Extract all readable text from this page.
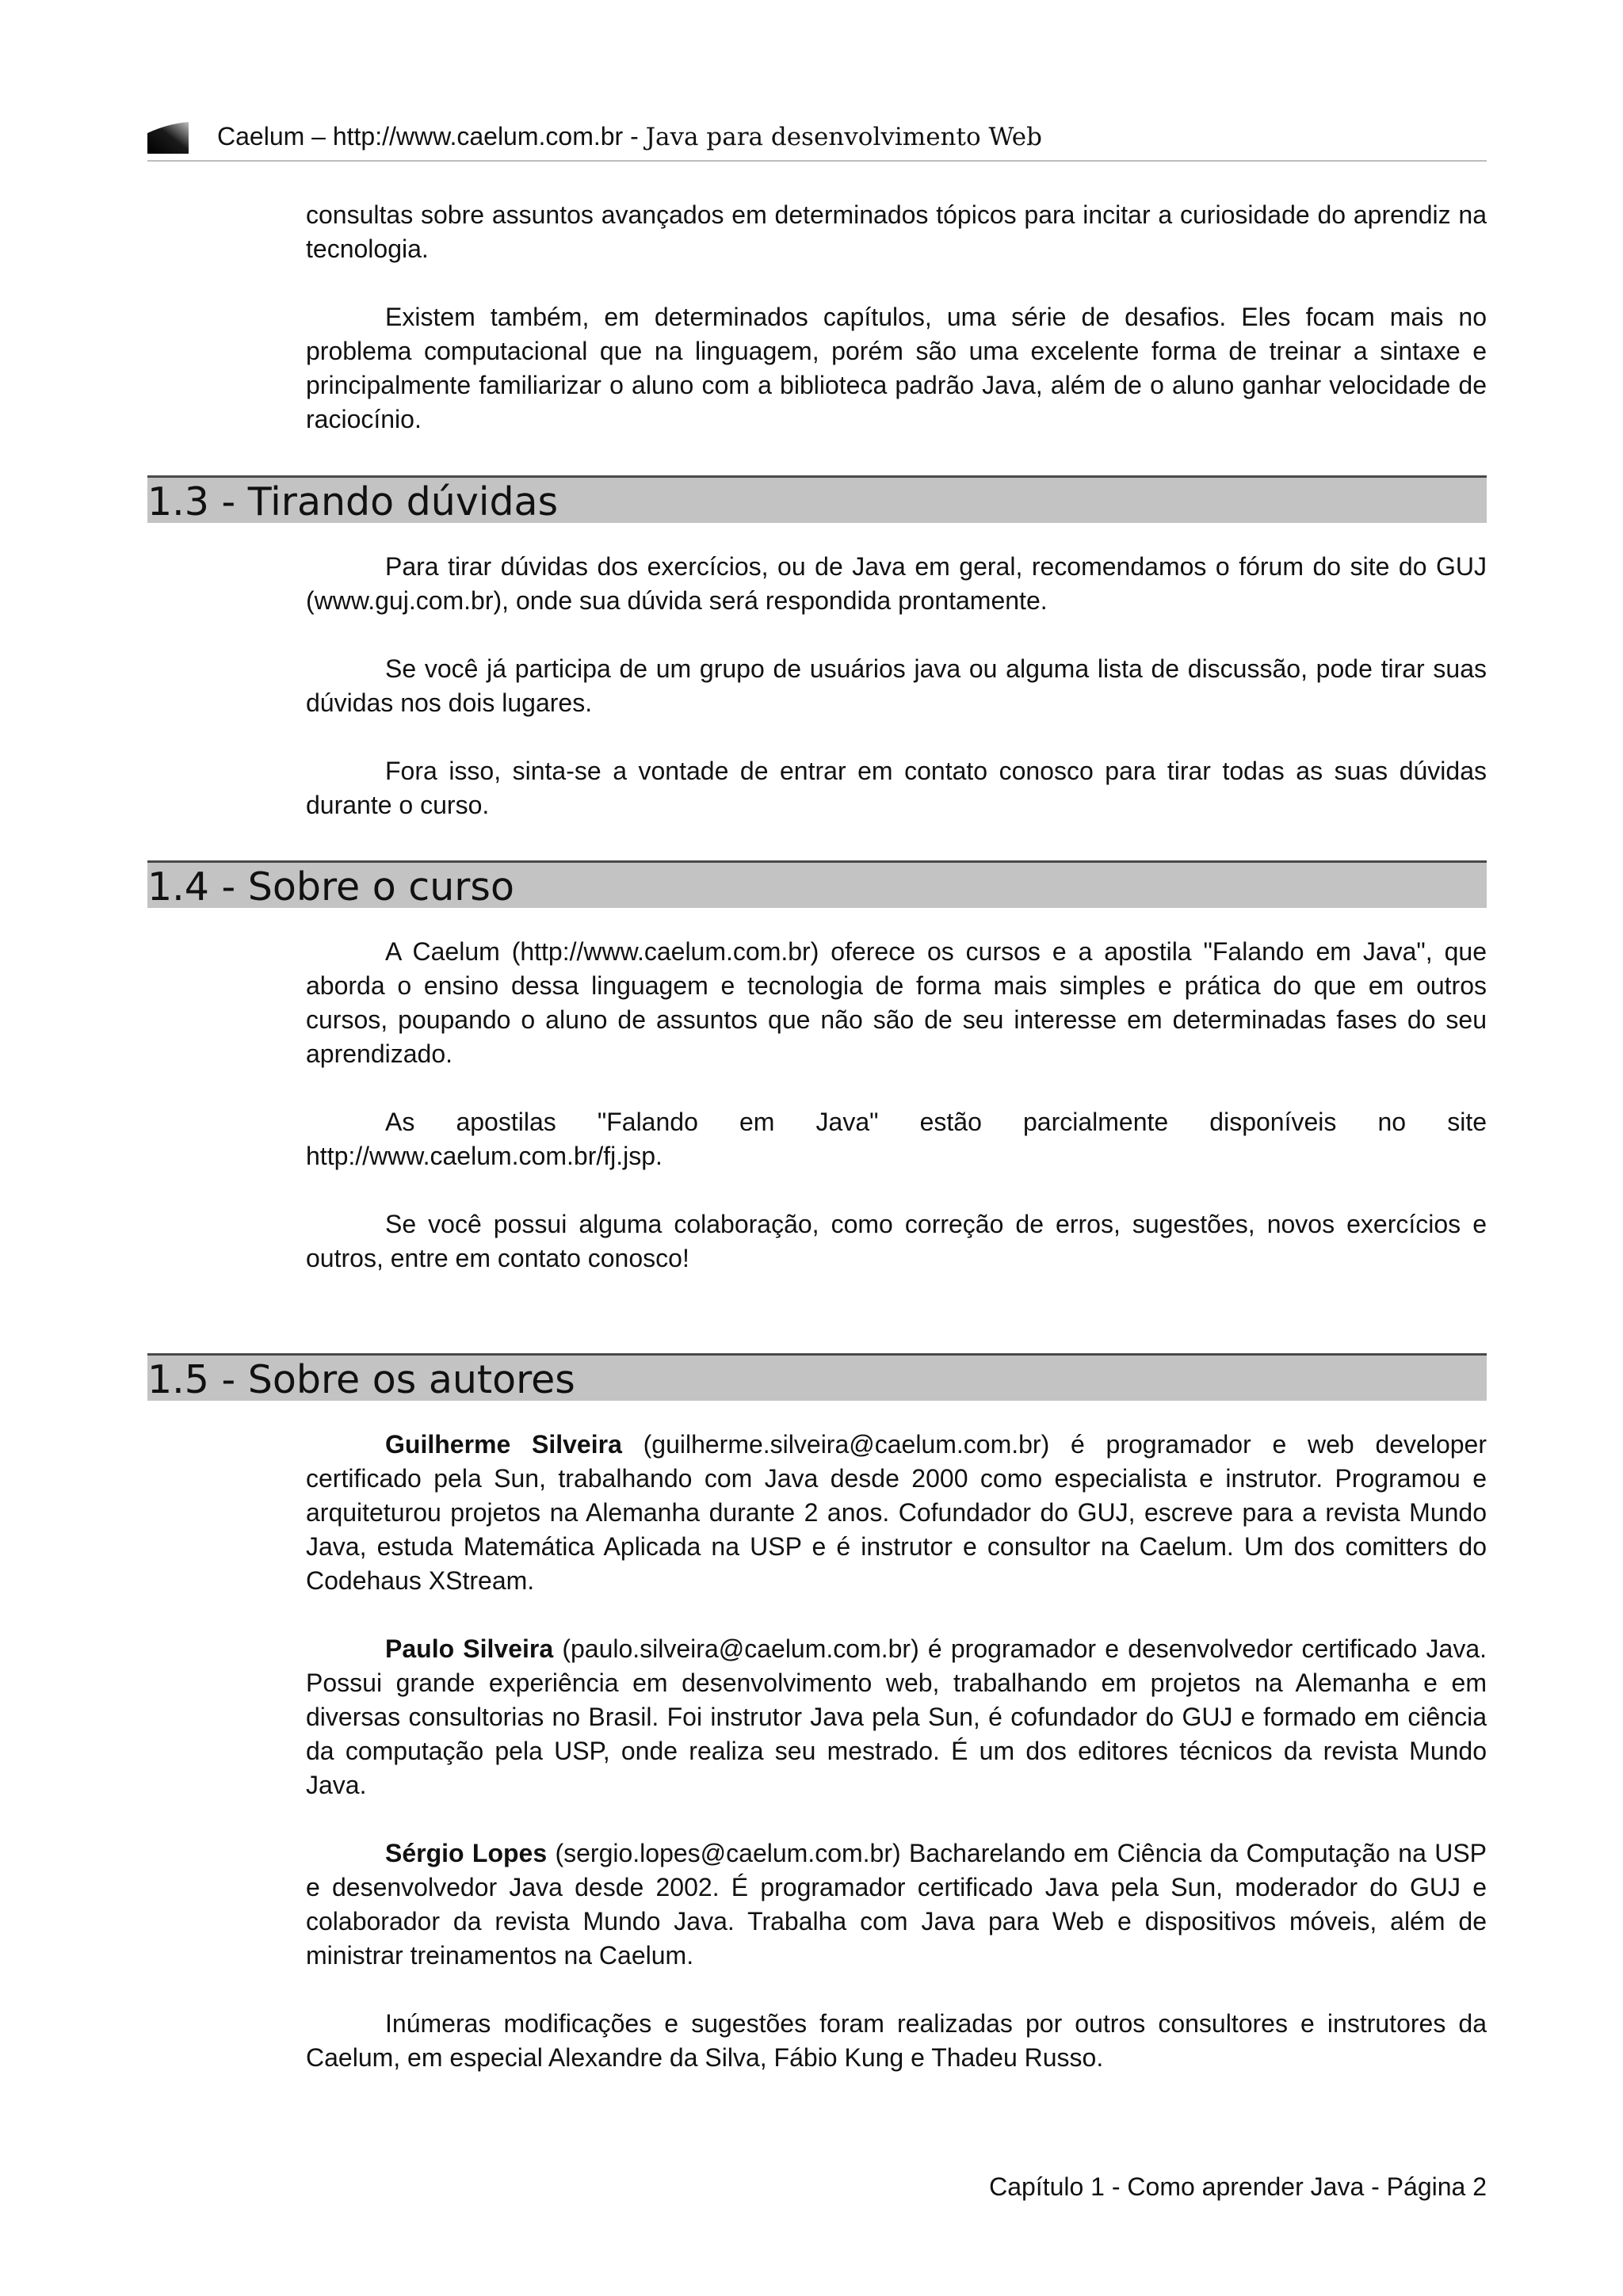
Caelum – http://www.caelum.com.br - Java para desenvolvimento Web

consultas sobre assuntos avançados em determinados tópicos para incitar a curiosidade do aprendiz na tecnologia.

Existem também, em determinados capítulos, uma série de desafios. Eles focam mais no problema computacional que na linguagem, porém são uma excelente forma de treinar a sintaxe e principalmente familiarizar o aluno com a biblioteca padrão Java, além de o aluno ganhar velocidade de raciocínio.

1.3 - Tirando dúvidas

Para tirar dúvidas dos exercícios, ou de Java em geral, recomendamos o fórum do site do GUJ (www.guj.com.br), onde sua dúvida será respondida prontamente.

Se você já participa de um grupo de usuários java ou alguma lista de discussão, pode tirar suas dúvidas nos dois lugares.

Fora isso, sinta-se a vontade de entrar em contato conosco para tirar todas as suas dúvidas durante o curso.

1.4 - Sobre o curso

A Caelum (http://www.caelum.com.br) oferece os cursos e a apostila "Falando em Java", que aborda o ensino dessa linguagem e tecnologia de forma mais simples e prática do que em outros cursos, poupando o aluno de assuntos que não são de seu interesse em determinadas fases do seu aprendizado.

As apostilas "Falando em Java" estão parcialmente disponíveis no site http://www.caelum.com.br/fj.jsp.

Se você possui alguma colaboração, como correção de erros, sugestões, novos exercícios e outros, entre em contato conosco!

1.5 - Sobre os autores

Guilherme Silveira (guilherme.silveira@caelum.com.br) é programador e web developer certificado pela Sun, trabalhando com Java desde 2000 como especialista e instrutor. Programou e arquiteturou projetos na Alemanha durante 2 anos. Cofundador do GUJ, escreve para a revista Mundo Java, estuda Matemática Aplicada na USP e é instrutor e consultor na Caelum. Um dos comitters do Codehaus XStream.

Paulo Silveira (paulo.silveira@caelum.com.br) é programador e desenvolvedor certificado Java. Possui grande experiência em desenvolvimento web, trabalhando em projetos na Alemanha e em diversas consultorias no Brasil. Foi instrutor Java pela Sun, é cofundador do GUJ e formado em ciência da computação pela USP, onde realiza seu mestrado. É um dos editores técnicos da revista Mundo Java.

Sérgio Lopes (sergio.lopes@caelum.com.br) Bacharelando em Ciência da Computação na USP e desenvolvedor Java desde 2002. É programador certificado Java pela Sun, moderador do GUJ e colaborador da revista Mundo Java. Trabalha com Java para Web e dispositivos móveis, além de ministrar treinamentos na Caelum.

Inúmeras modificações e sugestões foram realizadas por outros consultores e instrutores da Caelum, em especial Alexandre da Silva, Fábio Kung e Thadeu Russo.

Capítulo 1 - Como aprender Java - Página 2
